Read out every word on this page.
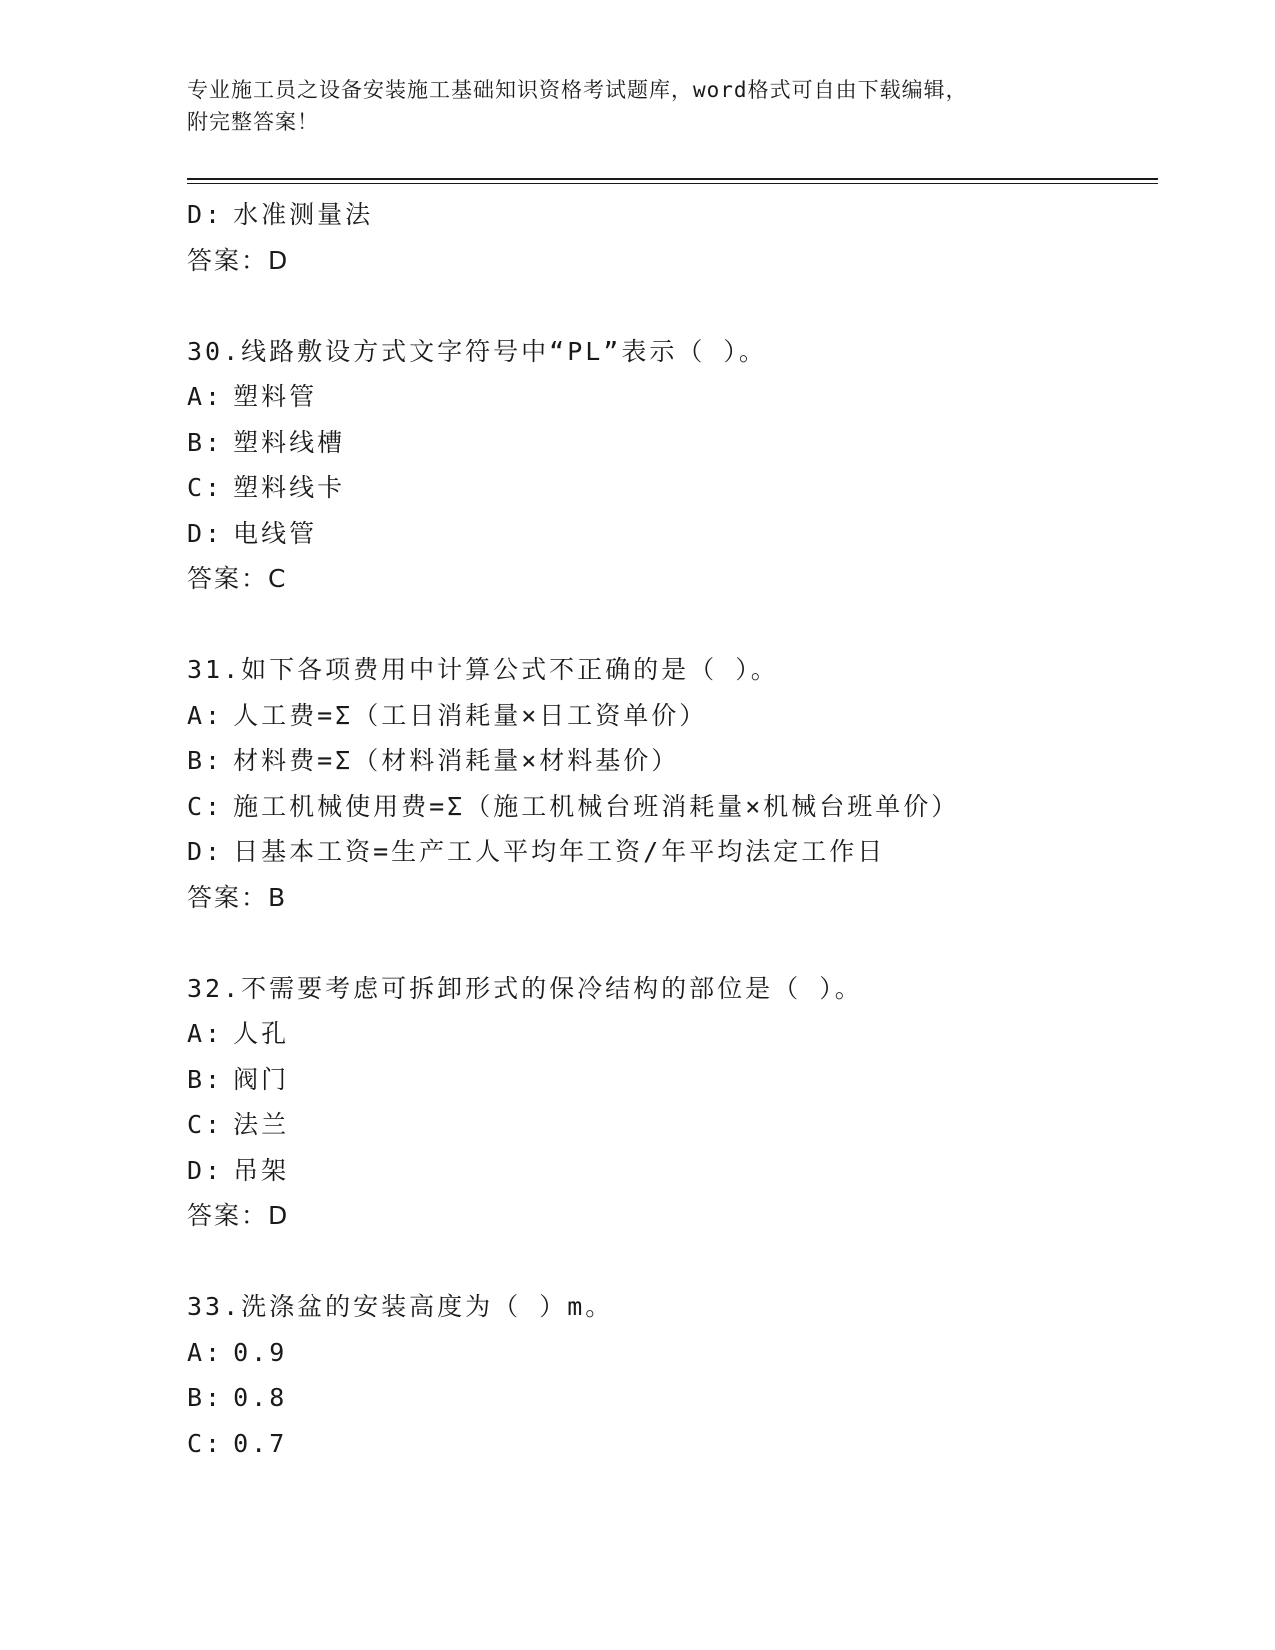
专业施工员之设备安装施工基础知识资格考试题库，word格式可自由下载编辑，
附完整答案！
D: 水准测量法
答案：D
30.线路敷设方式文字符号中“PL”表示（ ）。
A: 塑料管
B: 塑料线槽
C: 塑料线卡
D: 电线管
答案：C
31.如下各项费用中计算公式不正确的是（ ）。
A: 人工费=Σ（工日消耗量×日工资单价）
B: 材料费=Σ（材料消耗量×材料基价）
C: 施工机械使用费=Σ（施工机械台班消耗量×机械台班单价）
D: 日基本工资=生产工人平均年工资/年平均法定工作日
答案：B
32.不需要考虑可拆卸形式的保冷结构的部位是（ ）。
A: 人孔
B: 阀门
C: 法兰
D: 吊架
答案：D
33.洗涤盆的安装高度为（ ）m。
A: 0.9
B: 0.8
C: 0.7
